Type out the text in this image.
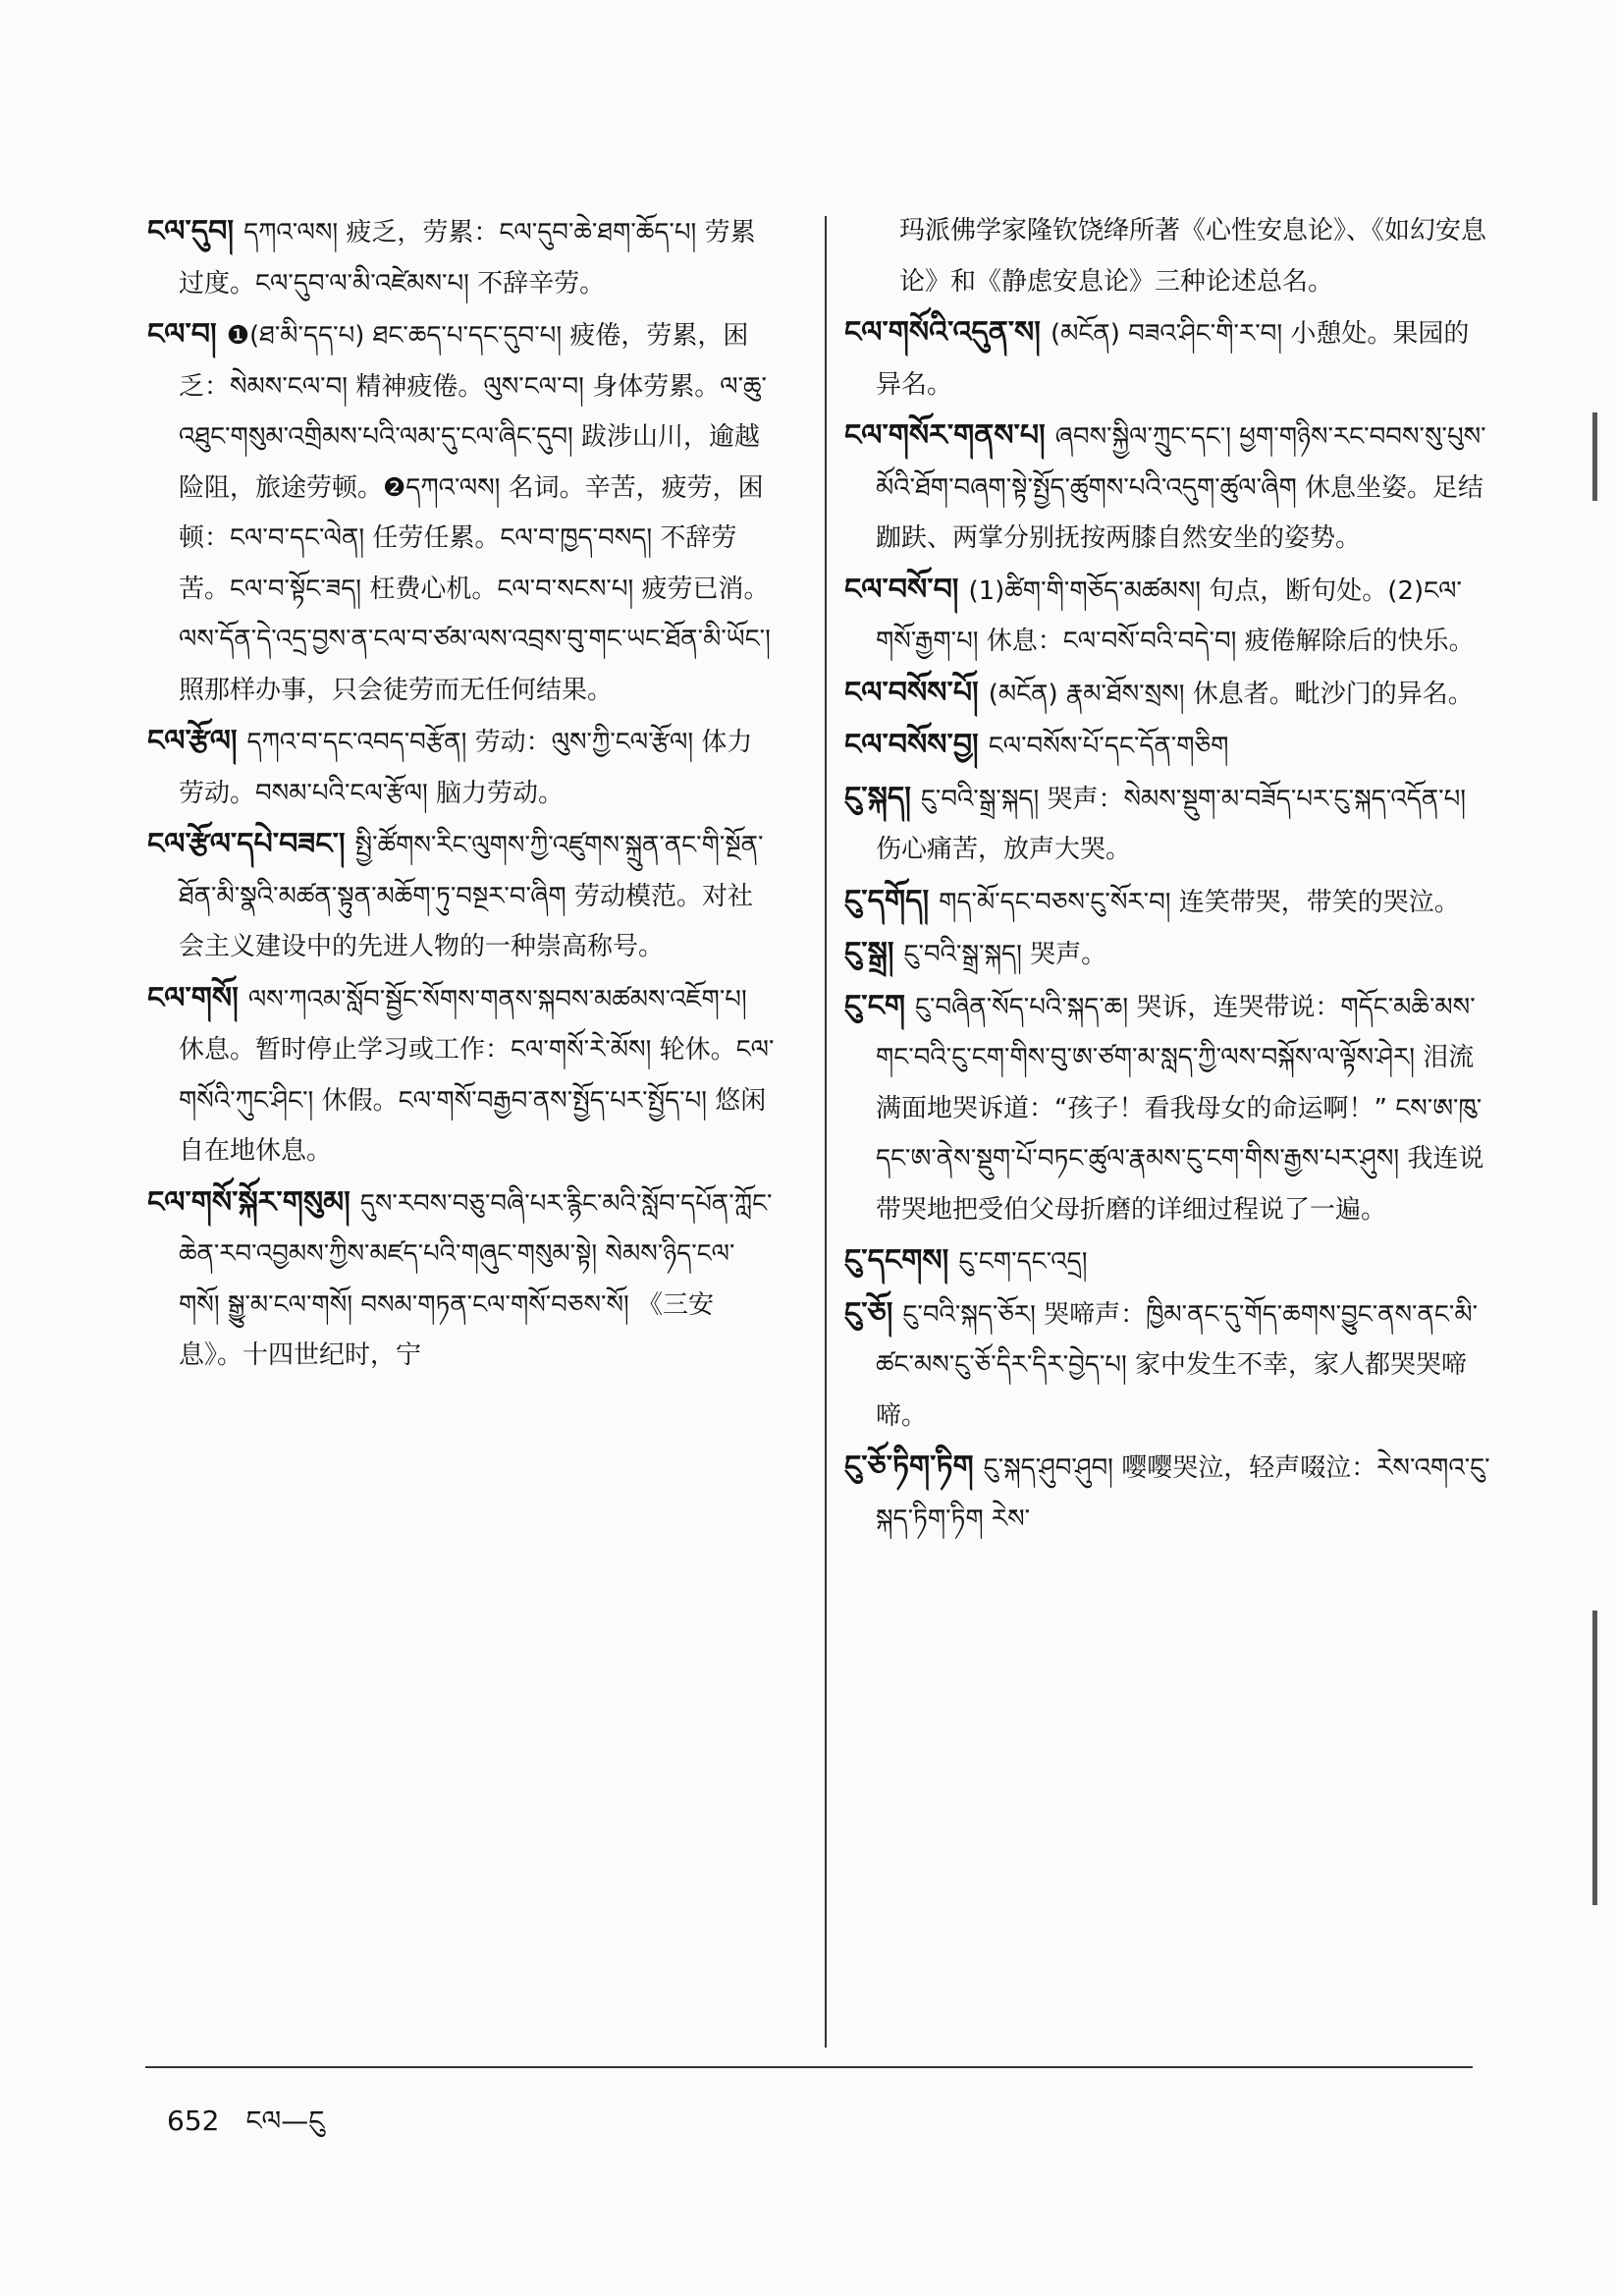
ངལ་དུབ། དཀའ་ལས། 疲乏，劳累：ངལ་དུབ་ཆེ་ཐག་ཆོད་པ། 劳累过度。ངལ་དུབ་ལ་མི་འཛེམས་པ། 不辞辛劳。

ངལ་བ། ❶(ཐ་མི་དད་པ) ཐང་ཆད་པ་དང་དུབ་པ། 疲倦，劳累，困乏：སེམས་ངལ་བ། 精神疲倦。ལུས་ངལ་བ། 身体劳累。ལ་ཆུ་འཐུང་གསུམ་འགྲིམས་པའི་ལམ་དུ་ངལ་ཞིང་དུབ། 跋涉山川，逾越险阻，旅途劳顿。❷དཀའ་ལས། 名词。辛苦，疲劳，困顿：ངལ་བ་དང་ལེན། 任劳任累。ངལ་བ་ཁྱད་བསད། 不辞劳苦。ངལ་བ་སྟོང་ཟད། 枉费心机。ངལ་བ་སངས་པ། 疲劳已消。ལས་དོན་དེ་འདྲ་བྱས་ན་ངལ་བ་ཙམ་ལས་འབྲས་བུ་གང་ཡང་ཐོན་མི་ཡོང་། 照那样办事，只会徒劳而无任何结果。

ངལ་རྩོལ། དཀའ་བ་དང་འབད་བརྩོན། 劳动：ལུས་ཀྱི་ངལ་རྩོལ། 体力劳动。བསམ་པའི་ངལ་རྩོལ། 脑力劳动。

ངལ་རྩོལ་དཔེ་བཟང་། སྤྱི་ཚོགས་རིང་ལུགས་ཀྱི་འཛུགས་སྐྲུན་ནང་གི་སྔོན་ཐོན་མི་སྣའི་མཚན་སྟུན་མཆོག་ཏུ་བསྔར་བ་ཞིག 劳动模范。对社会主义建设中的先进人物的一种崇高称号。

ངལ་གསོ། ལས་ཀའམ་སློབ་སྦྱོང་སོགས་གནས་སྐབས་མཚམས་འཇོག་པ། 休息。暂时停止学习或工作：ངལ་གསོ་རེ་མོས། 轮休。ངལ་གསོའི་ཀུང་ཤིང་། 休假。ངལ་གསོ་བརྒྱབ་ནས་སྤྱོད་པར་སྤྱོད་པ། 悠闲自在地休息。

ངལ་གསོ་སྐོར་གསུམ། དུས་རབས་བཅུ་བཞི་པར་རྙིང་མའི་སློབ་དཔོན་ཀློང་ཆེན་རབ་འབྱམས་ཀྱིས་མཛད་པའི་གཞུང་གསུམ་སྟེ། སེམས་ཉིད་ངལ་གསོ། སྒྱུ་མ་ངལ་གསོ། བསམ་གཏན་ངལ་གསོ་བཅས་སོ། 《三安息》。十四世纪时，宁

玛派佛学家隆钦饶绛所著《心性安息论》、《如幻安息论》和《静虑安息论》三种论述总名。

ངལ་གསོའི་འདུན་ས། (མངོན) བཟའ་ཤིང་གི་ར་བ། 小憩处。果园的异名。

ངལ་གསོར་གནས་པ། ཞབས་སྐྱིལ་ཀྲུང་དང་། ཕྱག་གཉིས་རང་བབས་སུ་པུས་མོའི་ཐོག་བཞག་སྟེ་སྤྱོད་ཚུགས་པའི་འདུག་ཚུལ་ཞིག 休息坐姿。足结跏趺、两掌分别抚按两膝自然安坐的姿势。

ངལ་བསོ་བ། (1)ཚིག་གི་གཅོད་མཚམས། 句点，断句处。(2)ངལ་གསོ་རྒྱག་པ། 休息：ངལ་བསོ་བའི་བདེ་བ། 疲倦解除后的快乐。

ངལ་བསོས་པོ། (མངོན) རྣམ་ཐོས་སྲས། 休息者。毗沙门的异名。

ངལ་བསོས་བྱ། ངལ་བསོས་པོ་དང་དོན་གཅིག

ངུ་སྐད། ངུ་བའི་སྒྲ་སྐད། 哭声：སེམས་སྡུག་མ་བཟོད་པར་ངུ་སྐད་འདོན་པ། 伤心痛苦，放声大哭。

ངུ་དགོད། གད་མོ་དང་བཅས་ངུ་སོར་བ། 连笑带哭，带笑的哭泣。

ངུ་སྒྲ། ངུ་བའི་སྒྲ་སྐད། 哭声。

ངུ་ངག ངུ་བཞིན་སོད་པའི་སྐད་ཆ། 哭诉，连哭带说：གདོང་མཆི་མས་གང་བའི་ངུ་ངག་གིས་བུ་ཨ་ཙག་མ་སླད་ཀྱི་ལས་བསྐོས་ལ་ལྟོས་ཤེར། 泪流满面地哭诉道：“孩子！看我母女的命运啊！” ངས་ཨ་ཁུ་དང་ཨ་ནེས་སྡུག་པོ་བཏང་ཚུལ་རྣམས་ངུ་ངག་གིས་རྒྱས་པར་ཤུས། 我连说带哭地把受伯父母折磨的详细过程说了一遍。

ངུ་དངགས། ངུ་ངག་དང་འདྲ།

ངུ་ཅོ། ངུ་བའི་སྐད་ཅོར། 哭啼声：ཁྱིམ་ནང་དུ་གོད་ཆགས་བྱུང་ནས་ནང་མི་ཚང་མས་ངུ་ཅོ་དིར་དིར་བྱེད་པ། 家中发生不幸，家人都哭哭啼啼。

ངུ་ཅོ་ཏིག་ཏིག ངུ་སྐད་ཤུབ་ཤུབ། 嘤嘤哭泣，轻声啜泣：རེས་འགའ་ངུ་སྐད་ཏིག་ཏིག རེས་

652 ངལ—ངུ
